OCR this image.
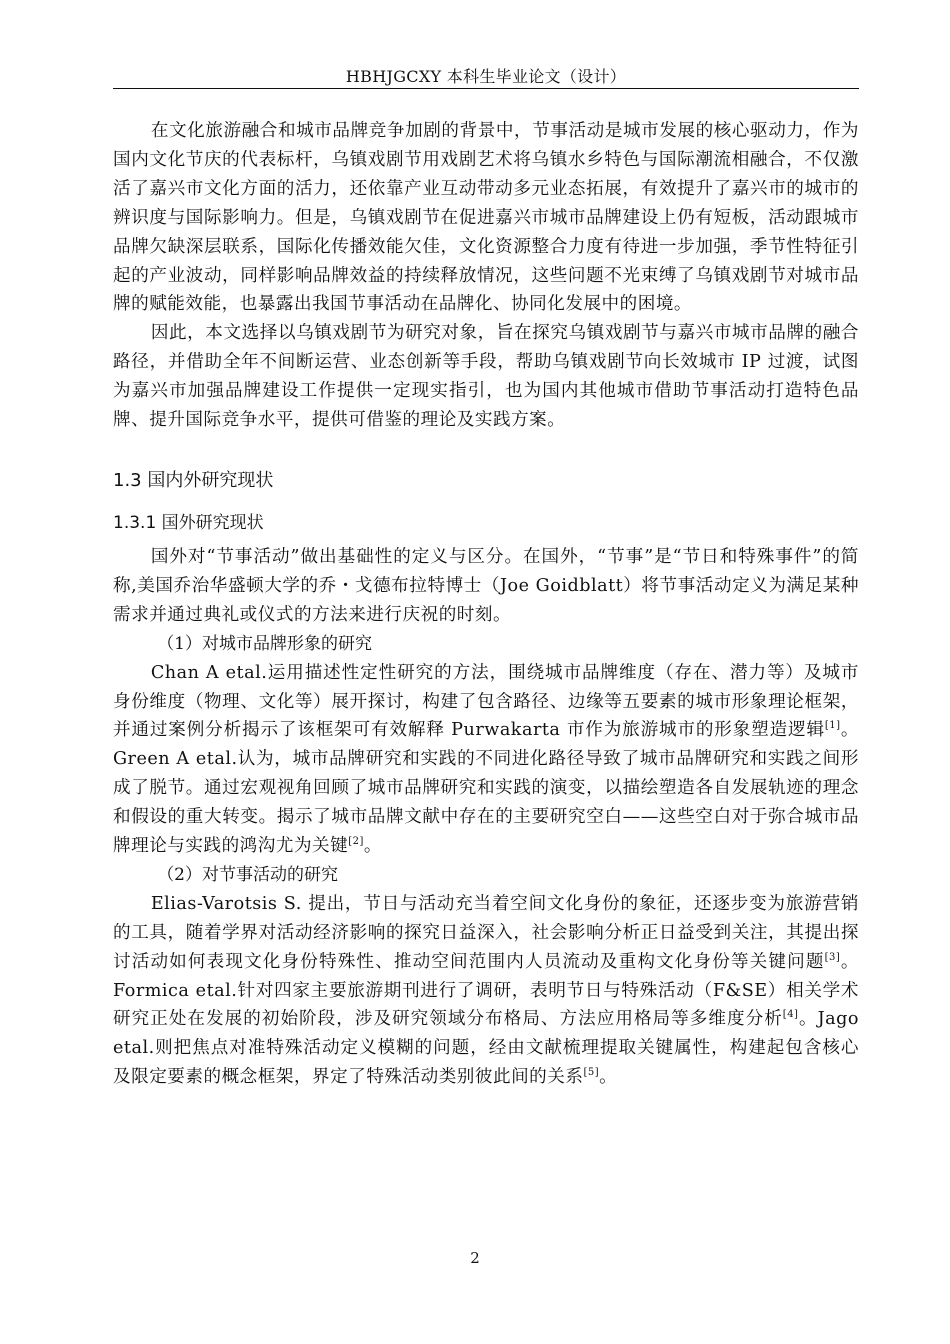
HBHJGCXY 本科生毕业论文（设计）

在文化旅游融合和城市品牌竞争加剧的背景中，节事活动是城市发展的核心驱动力，作为国内文化节庆的代表标杆，乌镇戏剧节用戏剧艺术将乌镇水乡特色与国际潮流相融合，不仅激活了嘉兴市文化方面的活力，还依靠产业互动带动多元业态拓展，有效提升了嘉兴市的城市的辨识度与国际影响力。但是，乌镇戏剧节在促进嘉兴市城市品牌建设上仍有短板，活动跟城市品牌欠缺深层联系，国际化传播效能欠佳，文化资源整合力度有待进一步加强，季节性特征引起的产业波动，同样影响品牌效益的持续释放情况，这些问题不光束缚了乌镇戏剧节对城市品牌的赋能效能，也暴露出我国节事活动在品牌化、协同化发展中的困境。

因此，本文选择以乌镇戏剧节为研究对象，旨在探究乌镇戏剧节与嘉兴市城市品牌的融合路径，并借助全年不间断运营、业态创新等手段，帮助乌镇戏剧节向长效城市 IP 过渡，试图为嘉兴市加强品牌建设工作提供一定现实指引，也为国内其他城市借助节事活动打造特色品牌、提升国际竞争水平，提供可借鉴的理论及实践方案。

1.3 国内外研究现状
1.3.1 国外研究现状

国外对“节事活动”做出基础性的定义与区分。在国外，“节事”是“节日和特殊事件”的简称,美国乔治华盛顿大学的乔・戈德布拉特博士（Joe Goidblatt）将节事活动定义为满足某种需求并通过典礼或仪式的方法来进行庆祝的时刻。

（1）对城市品牌形象的研究

Chan A etal.运用描述性定性研究的方法，围绕城市品牌维度（存在、潜力等）及城市身份维度（物理、文化等）展开探讨，构建了包含路径、边缘等五要素的城市形象理论框架，并通过案例分析揭示了该框架可有效解释 Purwakarta 市作为旅游城市的形象塑造逻辑[1]。Green A etal.认为，城市品牌研究和实践的不同进化路径导致了城市品牌研究和实践之间形成了脱节。通过宏观视角回顾了城市品牌研究和实践的演变，以描绘塑造各自发展轨迹的理念和假设的重大转变。揭示了城市品牌文献中存在的主要研究空白——这些空白对于弥合城市品牌理论与实践的鸿沟尤为关键[2]。

（2）对节事活动的研究

Elias-Varotsis S. 提出，节日与活动充当着空间文化身份的象征，还逐步变为旅游营销的工具，随着学界对活动经济影响的探究日益深入，社会影响分析正日益受到关注，其提出探讨活动如何表现文化身份特殊性、推动空间范围内人员流动及重构文化身份等关键问题[3]。Formica etal.针对四家主要旅游期刊进行了调研，表明节日与特殊活动（F&SE）相关学术研究正处在发展的初始阶段，涉及研究领域分布格局、方法应用格局等多维度分析[4]。Jago etal.则把焦点对准特殊活动定义模糊的问题，经由文献梳理提取关键属性，构建起包含核心及限定要素的概念框架，界定了特殊活动类别彼此间的关系[5]。

2
